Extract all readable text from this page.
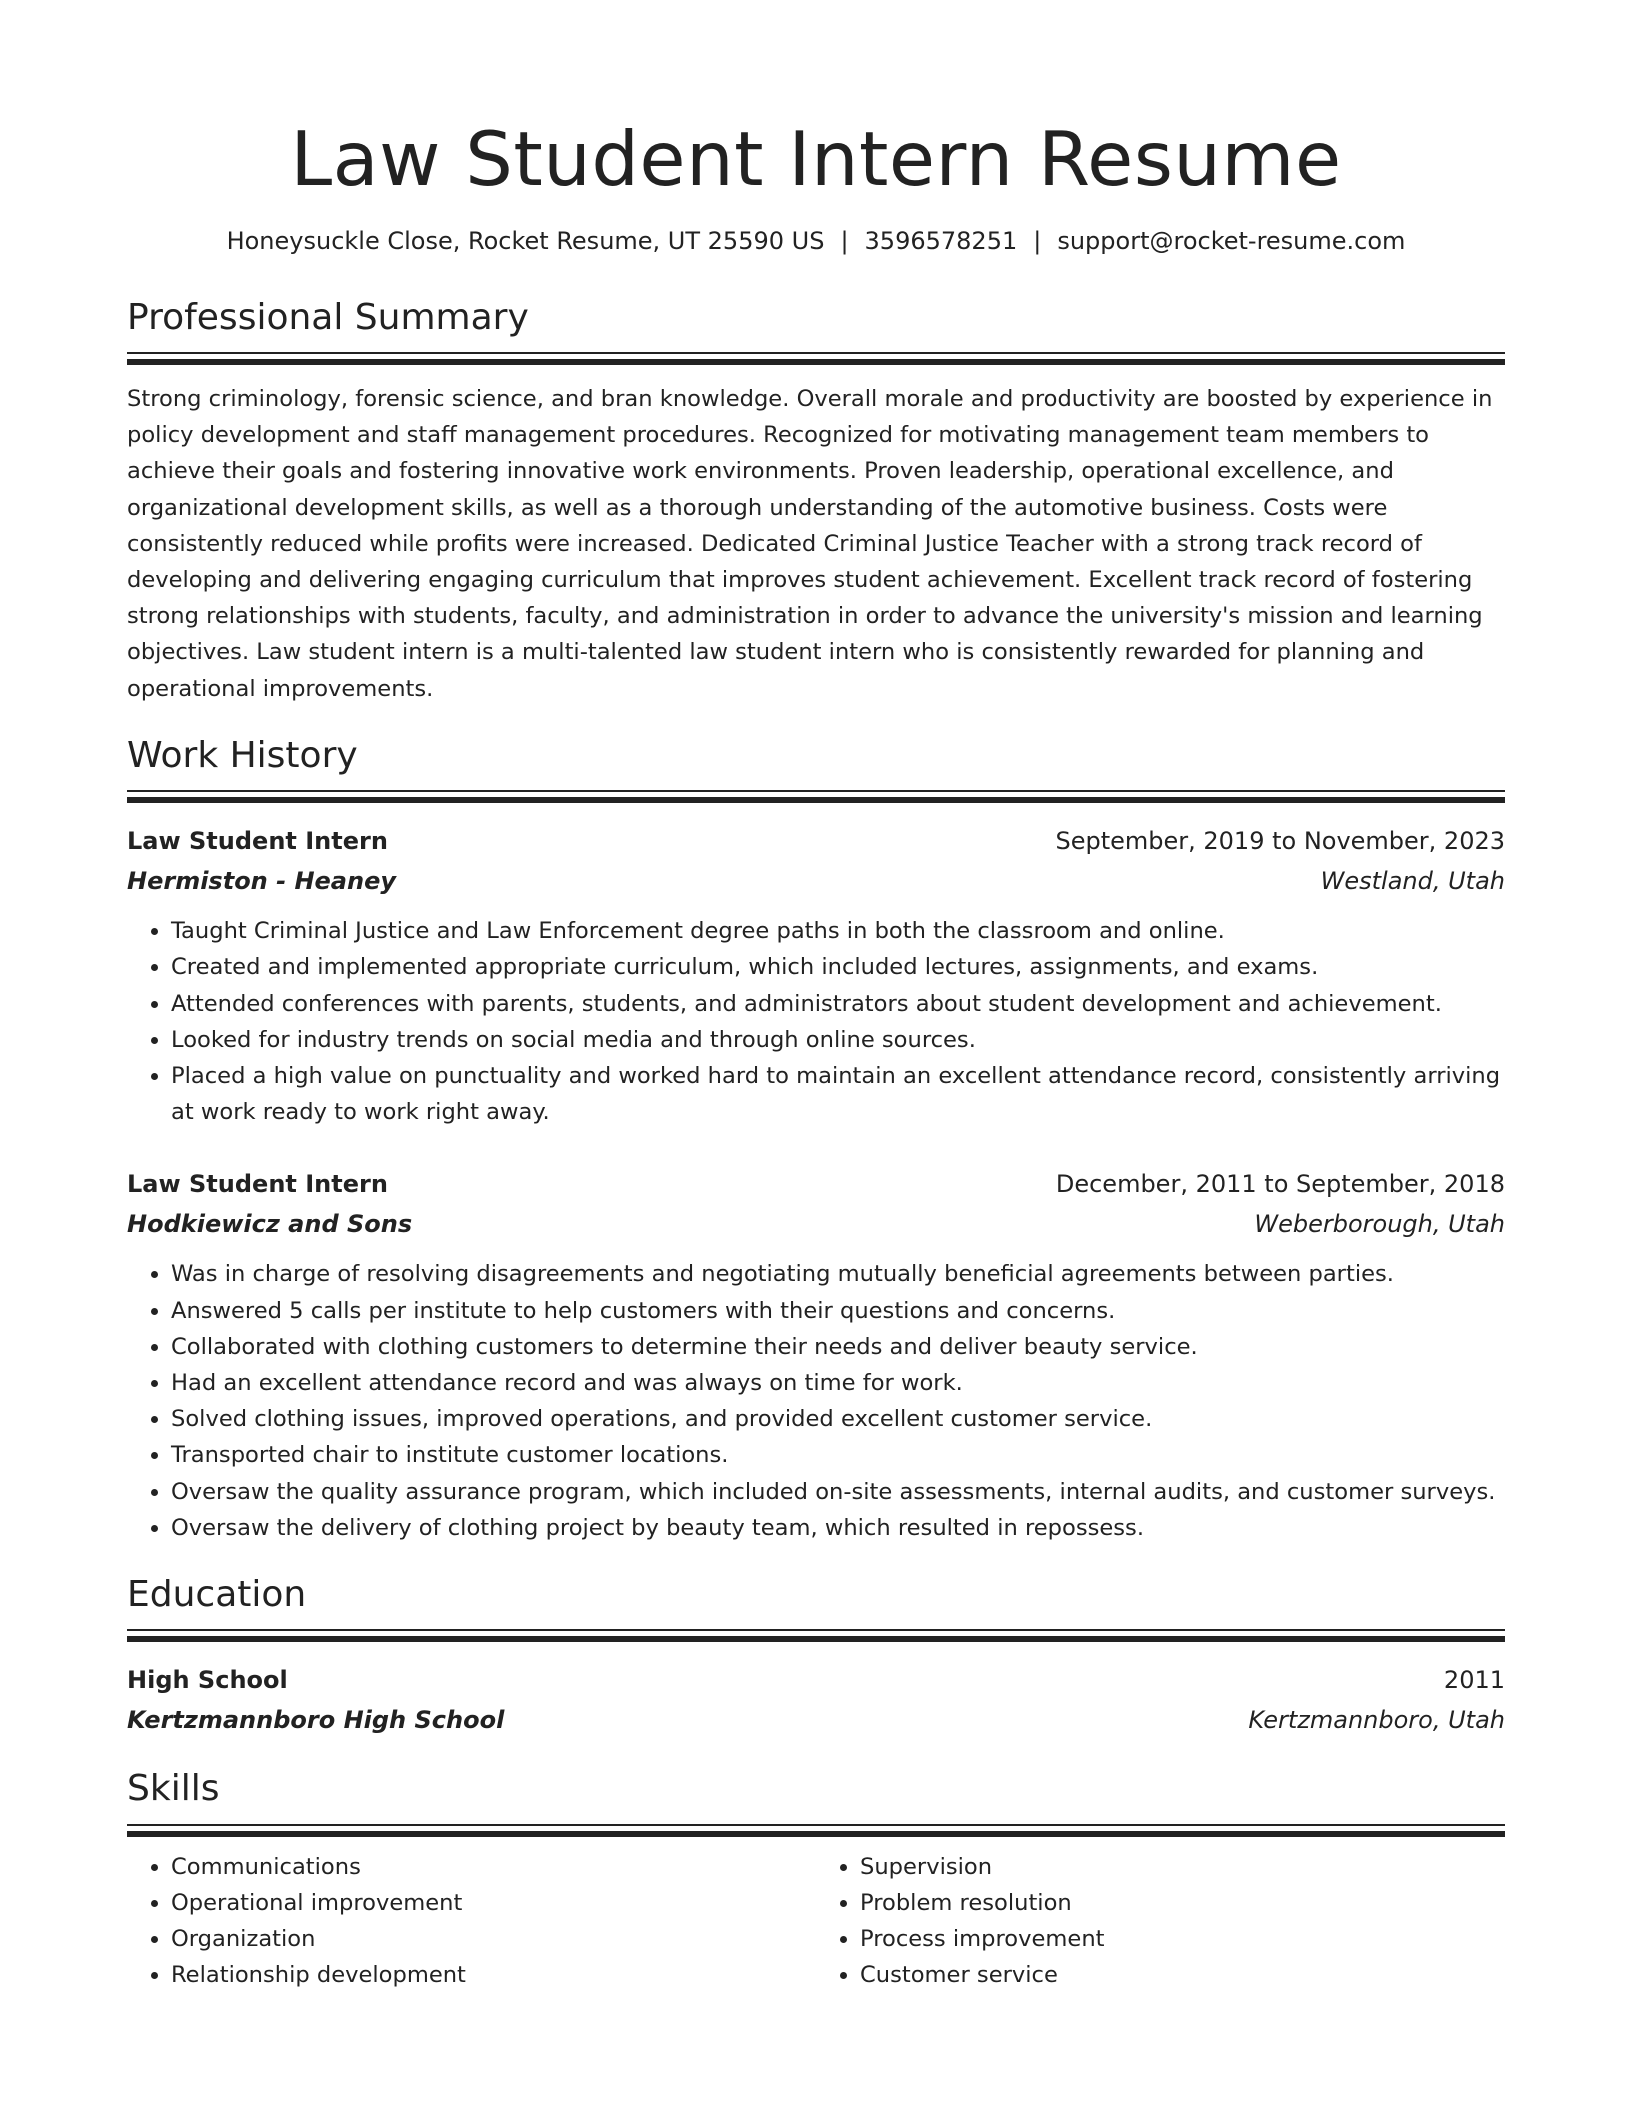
Law Student Intern Resume
Honeysuckle Close, Rocket Resume, UT 25590 US | 3596578251 | support@rocket-resume.com
Professional Summary
Strong criminology, forensic science, and bran knowledge. Overall morale and productivity are boosted by experience in policy development and staff management procedures. Recognized for motivating management team members to achieve their goals and fostering innovative work environments. Proven leadership, operational excellence, and organizational development skills, as well as a thorough understanding of the automotive business. Costs were consistently reduced while profits were increased. Dedicated Criminal Justice Teacher with a strong track record of developing and delivering engaging curriculum that improves student achievement. Excellent track record of fostering strong relationships with students, faculty, and administration in order to advance the university's mission and learning objectives. Law student intern is a multi-talented law student intern who is consistently rewarded for planning and operational improvements.
Work History
Law Student Intern	September, 2019 to November, 2023
Hermiston - Heaney	Westland, Utah
• Taught Criminal Justice and Law Enforcement degree paths in both the classroom and online.
• Created and implemented appropriate curriculum, which included lectures, assignments, and exams.
• Attended conferences with parents, students, and administrators about student development and achievement.
• Looked for industry trends on social media and through online sources.
• Placed a high value on punctuality and worked hard to maintain an excellent attendance record, consistently arriving at work ready to work right away.
Law Student Intern	December, 2011 to September, 2018
Hodkiewicz and Sons	Weberborough, Utah
• Was in charge of resolving disagreements and negotiating mutually beneficial agreements between parties.
• Answered 5 calls per institute to help customers with their questions and concerns.
• Collaborated with clothing customers to determine their needs and deliver beauty service.
• Had an excellent attendance record and was always on time for work.
• Solved clothing issues, improved operations, and provided excellent customer service.
• Transported chair to institute customer locations.
• Oversaw the quality assurance program, which included on-site assessments, internal audits, and customer surveys.
• Oversaw the delivery of clothing project by beauty team, which resulted in repossess.
Education
High School	2011
Kertzmannboro High School	Kertzmannboro, Utah
Skills
• Communications
• Operational improvement
• Organization
• Relationship development
• Supervision
• Problem resolution
• Process improvement
• Customer service
